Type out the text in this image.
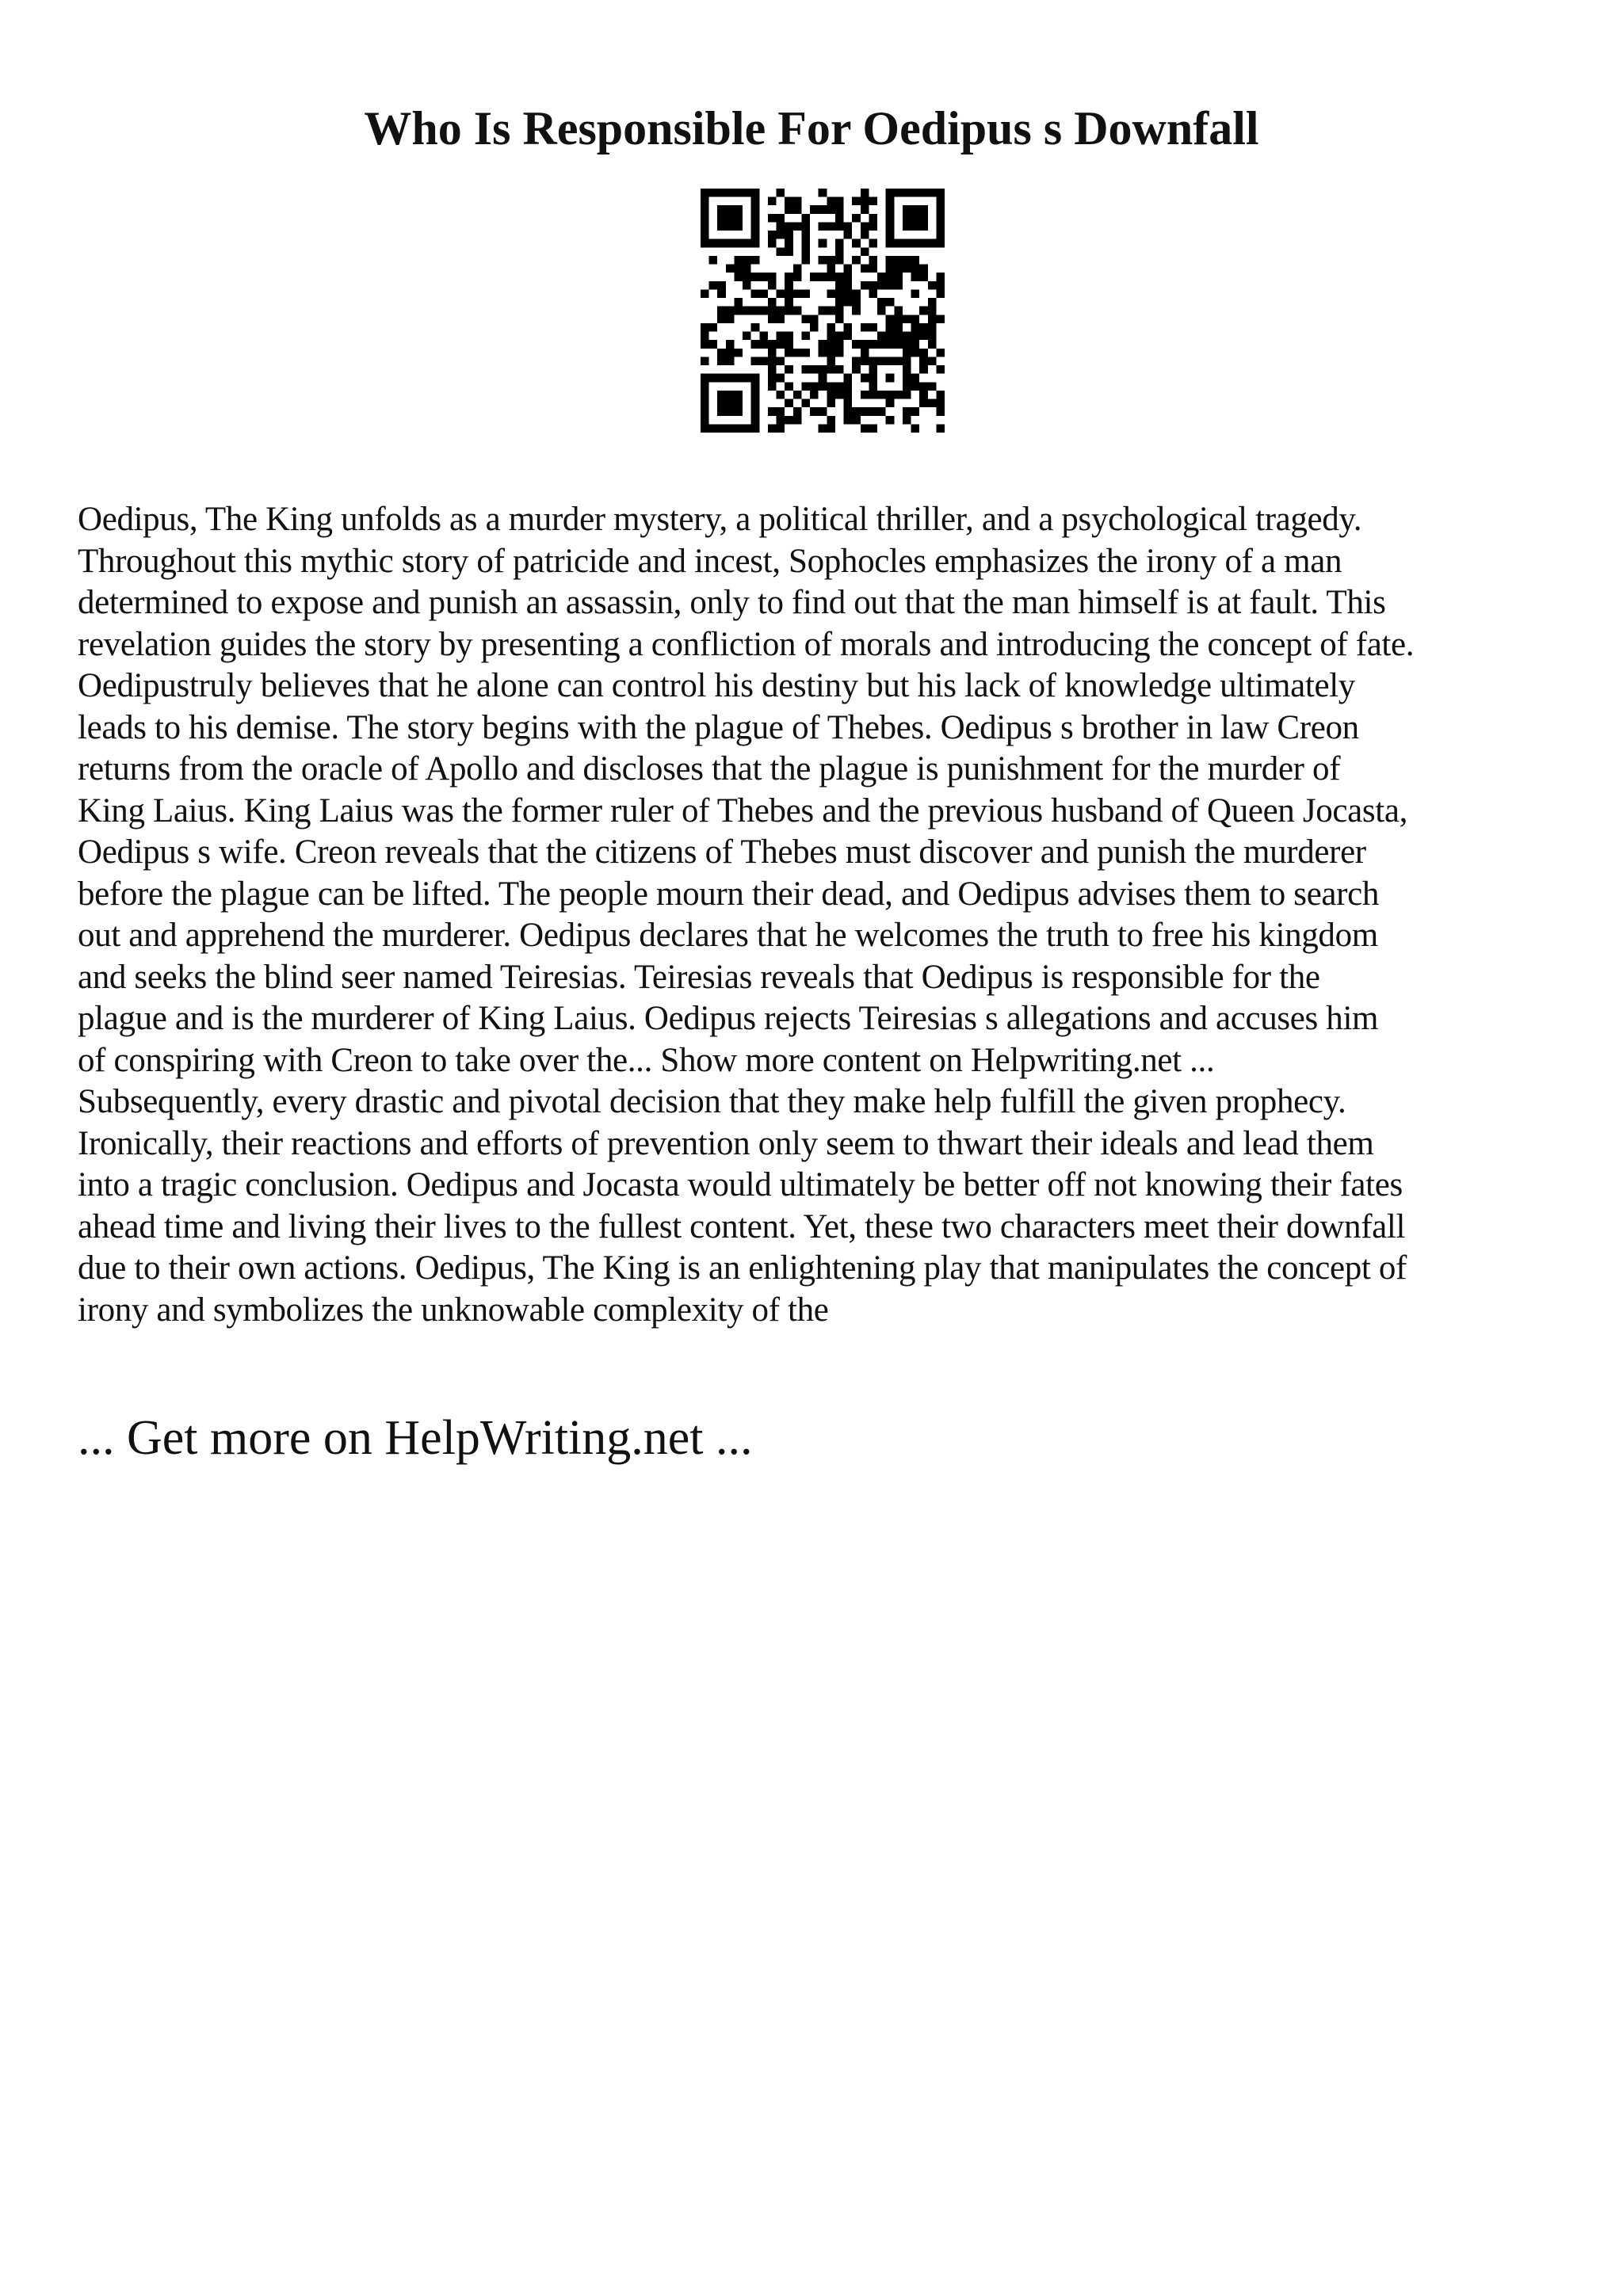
Who Is Responsible For Oedipus s Downfall
Oedipus, The King unfolds as a murder mystery, a political thriller, and a psychological tragedy.
Throughout this mythic story of patricide and incest, Sophocles emphasizes the irony of a man
determined to expose and punish an assassin, only to find out that the man himself is at fault. This
revelation guides the story by presenting a confliction of morals and introducing the concept of fate.
Oedipustruly believes that he alone can control his destiny but his lack of knowledge ultimately
leads to his demise. The story begins with the plague of Thebes. Oedipus s brother in law Creon
returns from the oracle of Apollo and discloses that the plague is punishment for the murder of
King Laius. King Laius was the former ruler of Thebes and the previous husband of Queen Jocasta,
Oedipus s wife. Creon reveals that the citizens of Thebes must discover and punish the murderer
before the plague can be lifted. The people mourn their dead, and Oedipus advises them to search
out and apprehend the murderer. Oedipus declares that he welcomes the truth to free his kingdom
and seeks the blind seer named Teiresias. Teiresias reveals that Oedipus is responsible for the
plague and is the murderer of King Laius. Oedipus rejects Teiresias s allegations and accuses him
of conspiring with Creon to take over the... Show more content on Helpwriting.net ...
Subsequently, every drastic and pivotal decision that they make help fulfill the given prophecy.
Ironically, their reactions and efforts of prevention only seem to thwart their ideals and lead them
into a tragic conclusion. Oedipus and Jocasta would ultimately be better off not knowing their fates
ahead time and living their lives to the fullest content. Yet, these two characters meet their downfall
due to their own actions. Oedipus, The King is an enlightening play that manipulates the concept of
irony and symbolizes the unknowable complexity of the
... Get more on HelpWriting.net ...
